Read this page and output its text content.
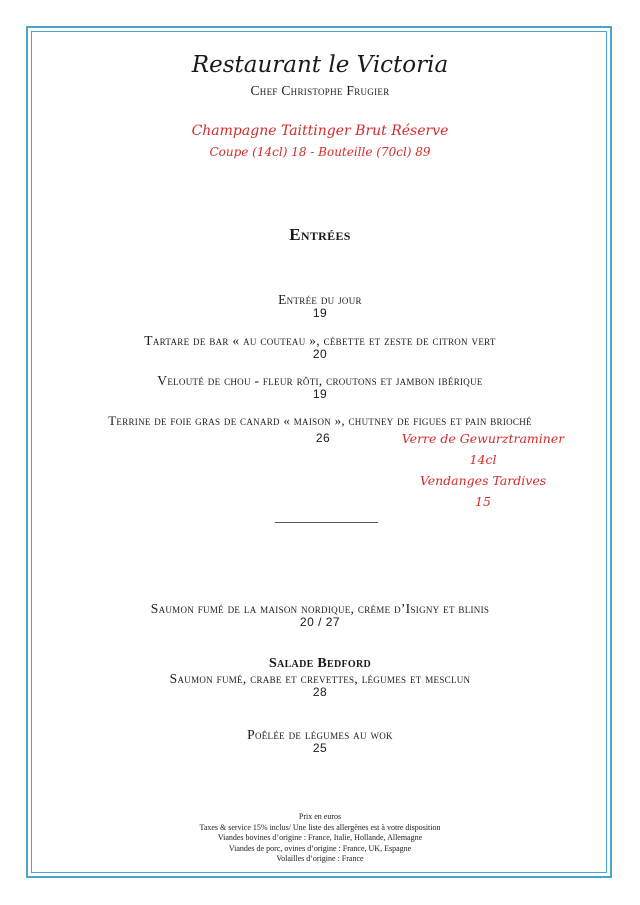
Restaurant le Victoria
Chef Christophe Frugier
Champagne Taittinger Brut Réserve
Coupe (14cl) 18 - Bouteille (70cl) 89
Entrées
Entrée du jour
19
Tartare de bar « au couteau », cébette et zeste de citron vert
20
Velouté de chou - fleur rôti, croutons et jambon ibérique
19
Terrine de foie gras de canard « maison », chutney de figues et pain brioché
26	Verre de Gewurztraminer 14cl
Vendanges Tardives
15
Saumon fumé de la maison nordique, crème d’Isigny et blinis
20 / 27
Salade Bedford
Saumon fumé, crabe et crevettes, légumes et mesclun
28
Poêlée de légumes au wok
25
Prix en euros
Taxes & service 15% inclus/ Une liste des allergènes est à votre disposition
Viandes bovines d’origine : France, Italie, Hollande, Allemagne
Viandes de porc, ovines d’origine : France, UK, Espagne
Volailles d’origine : France
